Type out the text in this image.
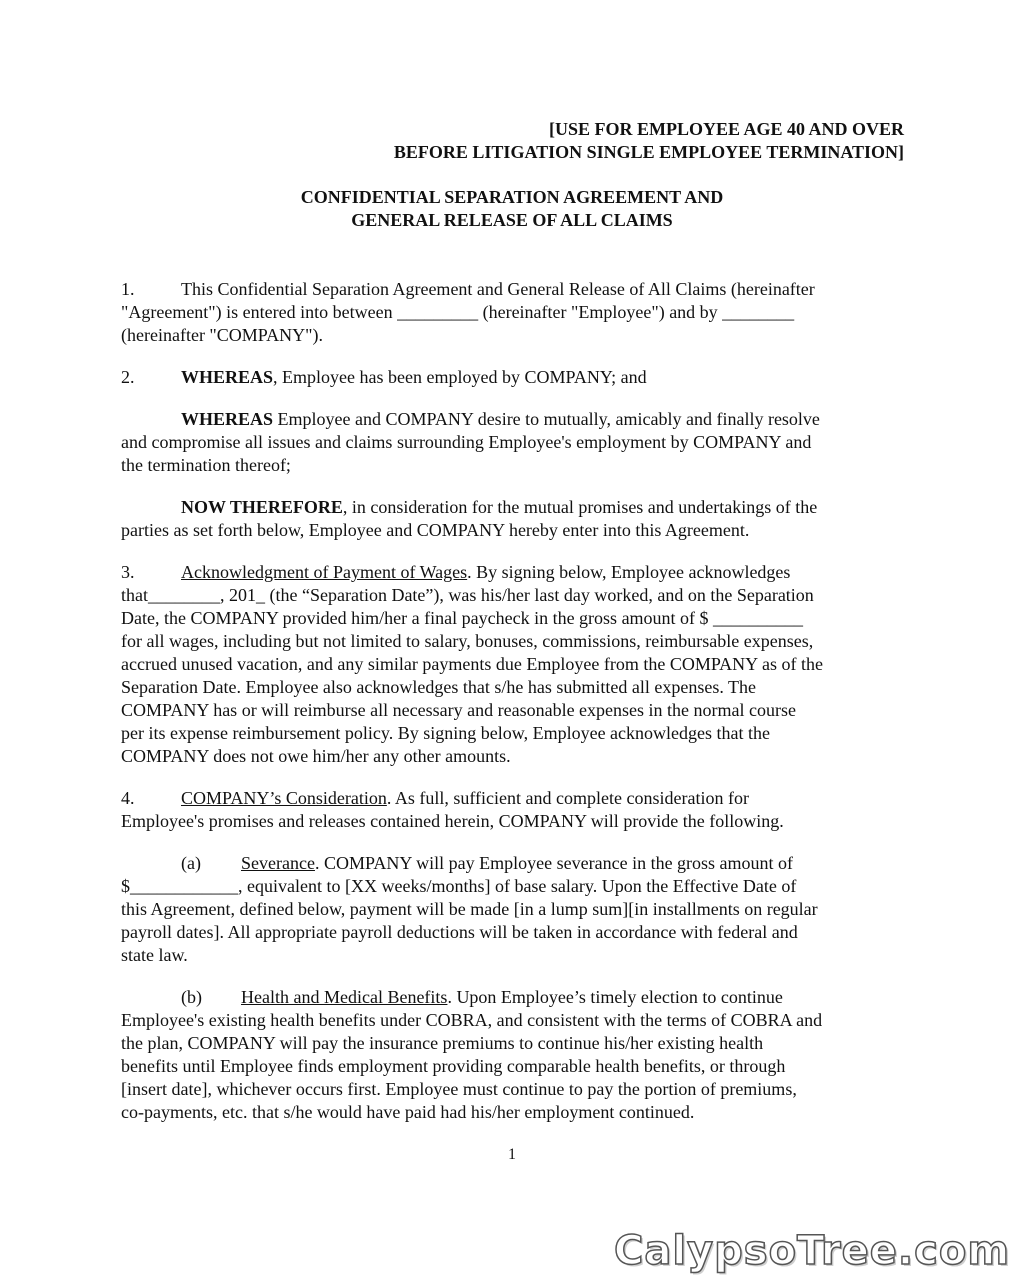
[USE FOR EMPLOYEE AGE 40 AND OVER
BEFORE LITIGATION SINGLE EMPLOYEE TERMINATION]
CONFIDENTIAL SEPARATION AGREEMENT AND
GENERAL RELEASE OF ALL CLAIMS
1.	This Confidential Separation Agreement and General Release of All Claims (hereinafter
"Agreement") is entered into between _________ (hereinafter "Employee") and by ________
(hereinafter "COMPANY").
2.	WHEREAS, Employee has been employed by COMPANY; and
WHEREAS Employee and COMPANY desire to mutually, amicably and finally resolve
and compromise all issues and claims surrounding Employee's employment by COMPANY and
the termination thereof;
NOW THEREFORE, in consideration for the mutual promises and undertakings of the
parties as set forth below, Employee and COMPANY hereby enter into this Agreement.
3.	Acknowledgment of Payment of Wages. By signing below, Employee acknowledges
that________, 201_ (the “Separation Date”), was his/her last day worked, and on the Separation
Date, the COMPANY provided him/her a final paycheck in the gross amount of $ __________
for all wages, including but not limited to salary, bonuses, commissions, reimbursable expenses,
accrued unused vacation, and any similar payments due Employee from the COMPANY as of the
Separation Date. Employee also acknowledges that s/he has submitted all expenses. The
COMPANY has or will reimburse all necessary and reasonable expenses in the normal course
per its expense reimbursement policy. By signing below, Employee acknowledges that the
COMPANY does not owe him/her any other amounts.
4.	COMPANY’s Consideration. As full, sufficient and complete consideration for
Employee's promises and releases contained herein, COMPANY will provide the following.
(a) Severance. COMPANY will pay Employee severance in the gross amount of
$____________, equivalent to [XX weeks/months] of base salary. Upon the Effective Date of
this Agreement, defined below, payment will be made [in a lump sum][in installments on regular
payroll dates]. All appropriate payroll deductions will be taken in accordance with federal and
state law.
(b) Health and Medical Benefits. Upon Employee’s timely election to continue
Employee's existing health benefits under COBRA, and consistent with the terms of COBRA and
the plan, COMPANY will pay the insurance premiums to continue his/her existing health
benefits until Employee finds employment providing comparable health benefits, or through
[insert date], whichever occurs first. Employee must continue to pay the portion of premiums,
co-payments, etc. that s/he would have paid had his/her employment continued.
1
CalypsoTree.com
